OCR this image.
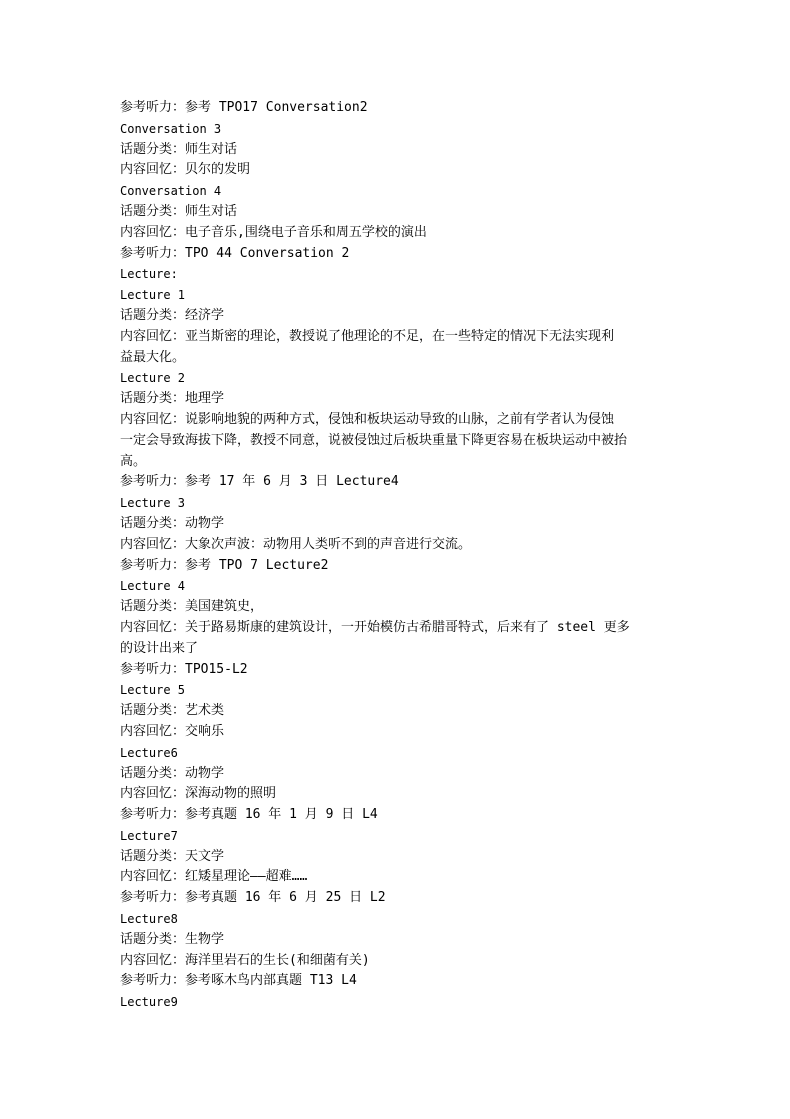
参考听力：参考 TPO17 Conversation2

Conversation 3

话题分类：师生对话

内容回忆：贝尔的发明

Conversation 4

话题分类：师生对话

内容回忆：电子音乐,围绕电子音乐和周五学校的演出

参考听力：TPO 44 Conversation 2

Lecture:

Lecture 1

话题分类：经济学

内容回忆：亚当斯密的理论，教授说了他理论的不足，在一些特定的情况下无法实现利

益最大化。

Lecture 2

话题分类：地理学

内容回忆：说影响地貌的两种方式，侵蚀和板块运动导致的山脉，之前有学者认为侵蚀

一定会导致海拔下降，教授不同意，说被侵蚀过后板块重量下降更容易在板块运动中被抬

高。

参考听力：参考 17 年 6 月 3 日 Lecture4

Lecture 3

话题分类：动物学

内容回忆：大象次声波：动物用人类听不到的声音进行交流。

参考听力：参考 TPO 7 Lecture2

Lecture 4

话题分类：美国建筑史，

内容回忆：关于路易斯康的建筑设计，一开始模仿古希腊哥特式，后来有了 steel 更多

的设计出来了

参考听力：TPO15-L2

Lecture 5

话题分类：艺术类

内容回忆：交响乐

Lecture6

话题分类：动物学

内容回忆：深海动物的照明

参考听力：参考真题 16 年 1 月 9 日 L4

Lecture7

话题分类：天文学

内容回忆：红矮星理论——超难……

参考听力：参考真题 16 年 6 月 25 日 L2

Lecture8

话题分类：生物学

内容回忆：海洋里岩石的生长(和细菌有关)

参考听力：参考啄木鸟内部真题 T13 L4

Lecture9
